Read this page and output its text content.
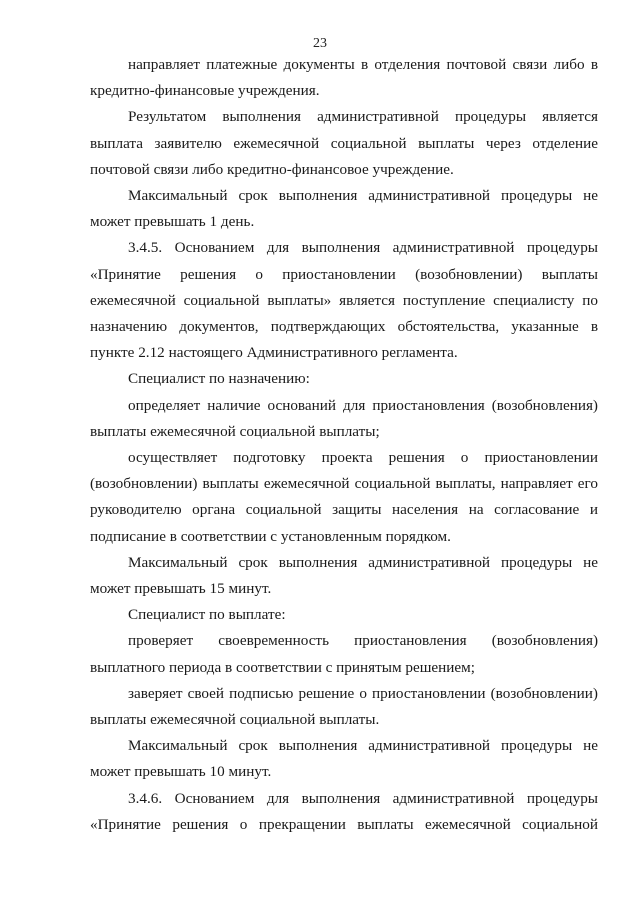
23

направляет платежные документы в отделения почтовой связи либо в кредитно-финансовые учреждения.

Результатом выполнения административной процедуры является выплата заявителю ежемесячной социальной выплаты через отделение почтовой связи либо кредитно-финансовое учреждение.

Максимальный срок выполнения административной процедуры не может превышать 1 день.

3.4.5. Основанием для выполнения административной процедуры «Принятие решения о приостановлении (возобновлении) выплаты ежемесячной социальной выплаты» является поступление специалисту по назначению документов, подтверждающих обстоятельства, указанные в пункте 2.12 настоящего Административного регламента.

Специалист по назначению:

определяет наличие оснований для приостановления (возобновления) выплаты ежемесячной социальной выплаты;

осуществляет подготовку проекта решения о приостановлении (возобновлении) выплаты ежемесячной социальной выплаты, направляет его руководителю органа социальной защиты населения на согласование и подписание в соответствии с установленным порядком.

Максимальный срок выполнения административной процедуры не может превышать 15 минут.

Специалист по выплате:

проверяет своевременность приостановления (возобновления) выплатного периода в соответствии с принятым решением;

заверяет своей подписью решение о приостановлении (возобновлении) выплаты ежемесячной социальной выплаты.

Максимальный срок выполнения административной процедуры не может превышать 10 минут.

3.4.6. Основанием для выполнения административной процедуры «Принятие решения о прекращении выплаты ежемесячной социальной
